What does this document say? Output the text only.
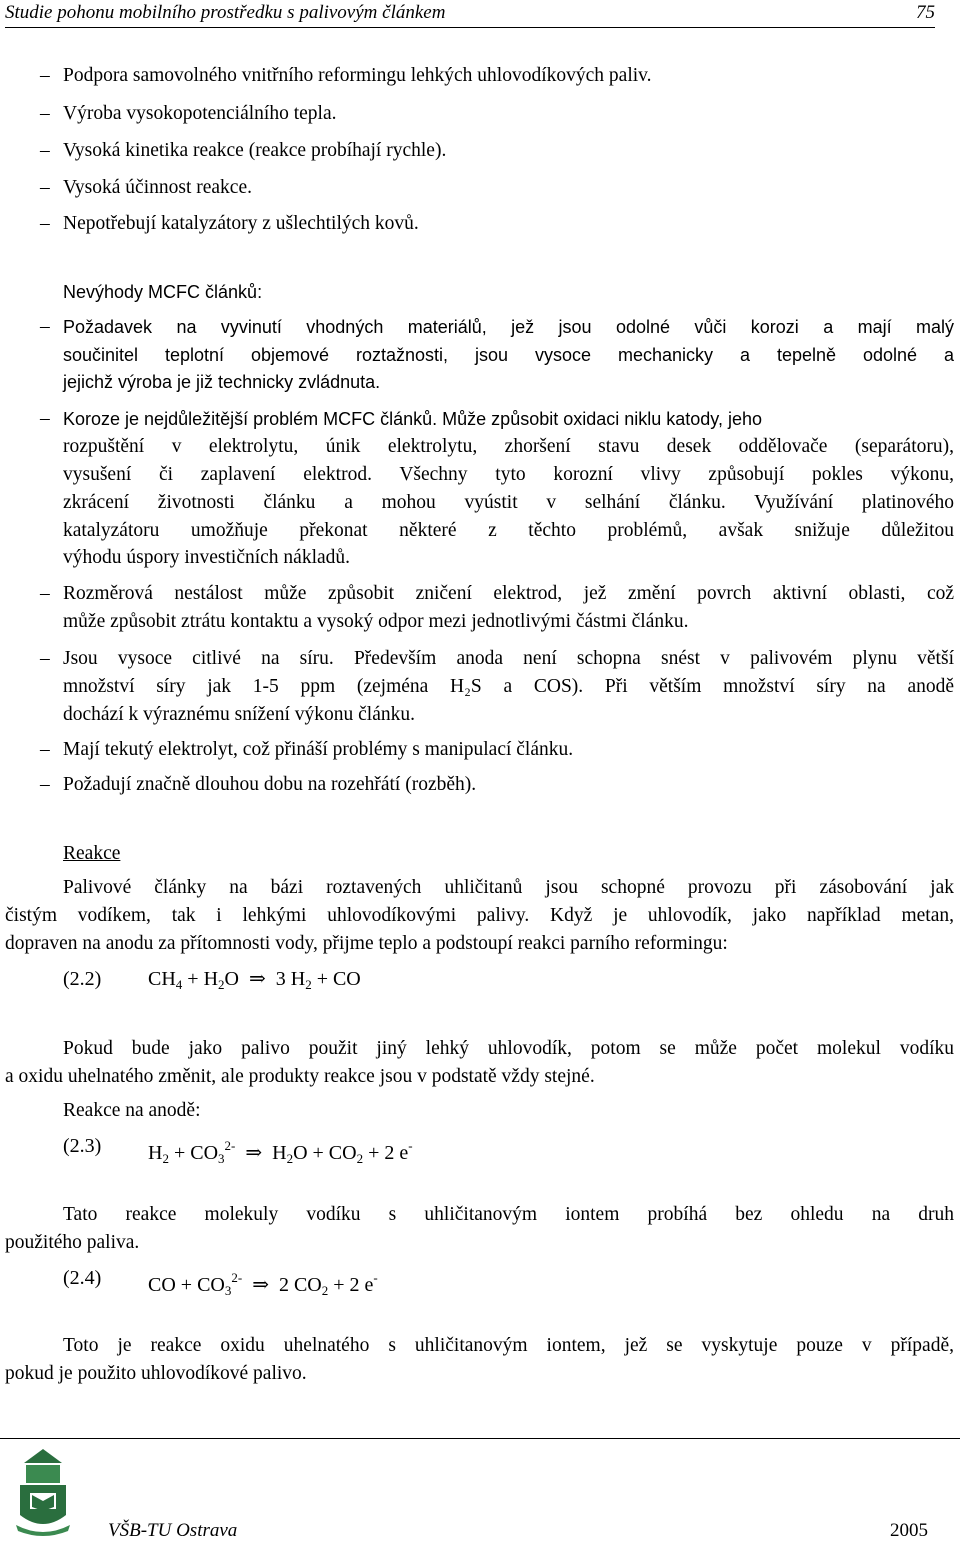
Studie pohonu mobilního prostředku s palivovým článkem	75
– Podpora samovolného vnitřního reformingu lehkých uhlovodíkových paliv.
– Výroba vysokopotenciálního tepla.
– Vysoká kinetika reakce (reakce probíhají rychle).
– Vysoká účinnost reakce.
– Nepotřebují katalyzátory z ušlechtilých kovů.
Nevýhody MCFC článků:
– Požadavek na vyvinutí vhodných materiálů, jež jsou odolné vůči korozi a mají malý
součinitel teplotní objemové roztažnosti, jsou vysoce mechanicky a tepelně odolné a
jejichž výroba je již technicky zvládnuta.
– Koroze je nejdůležitější problém MCFC článků. Může způsobit oxidaci niklu katody, jeho
rozpuštění v elektrolytu, únik elektrolytu, zhoršení stavu desek oddělovače (separátoru),
vysušení či zaplavení elektrod. Všechny tyto korozní vlivy způsobují pokles výkonu,
zkrácení životnosti článku a mohou vyústit v selhání článku. Využívání platinového
katalyzátoru umožňuje překonat některé z těchto problémů, avšak snižuje důležitou
výhodu úspory investičních nákladů.
– Rozměrová nestálost může způsobit zničení elektrod, jež změní povrch aktivní oblasti, což
může způsobit ztrátu kontaktu a vysoký odpor mezi jednotlivými částmi článku.
– Jsou vysoce citlivé na síru. Především anoda není schopna snést v palivovém plynu větší
množství síry jak 1-5 ppm (zejména H₂S a COS). Při větším množství síry na anodě
dochází k výraznému snížení výkonu článku.
– Mají tekutý elektrolyt, což přináší problémy s manipulací článku.
– Požadují značně dlouhou dobu na rozehřátí (rozběh).
Reakce
Palivové články na bázi roztavených uhličitanů jsou schopné provozu při zásobování jak
čistým vodíkem, tak i lehkými uhlovodíkovými palivy. Když je uhlovodík, jako například metan,
dopraven na anodu za přítomnosti vody, přijme teplo a podstoupí reakci parního reformingu:
(2.2) $CH_4 + H_2O$  ⇒  3 $H_2$ + CO
Pokud bude jako palivo použit jiný lehký uhlovodík, potom se může počet molekul vodíku
a oxidu uhelnatého změnit, ale produkty reakce jsou v podstatě vždy stejné.
Reakce na anodě:
(2.3) $H_2 + CO_3^{2-}$  ⇒  $H_2O + CO_2 + 2$ e-
Tato reakce molekuly vodíku s uhličitanovým iontem probíhá bez ohledu na druh
použitého paliva.
(2.4) CO + $CO_3^{2-}$  ⇒  2 $CO_2 + 2$ e-
Toto je reakce oxidu uhelnatého s uhličitanovým iontem, jež se vyskytuje pouze v případě,
pokud je použito uhlovodíkové palivo.
VŠB-TU Ostrava	2005
